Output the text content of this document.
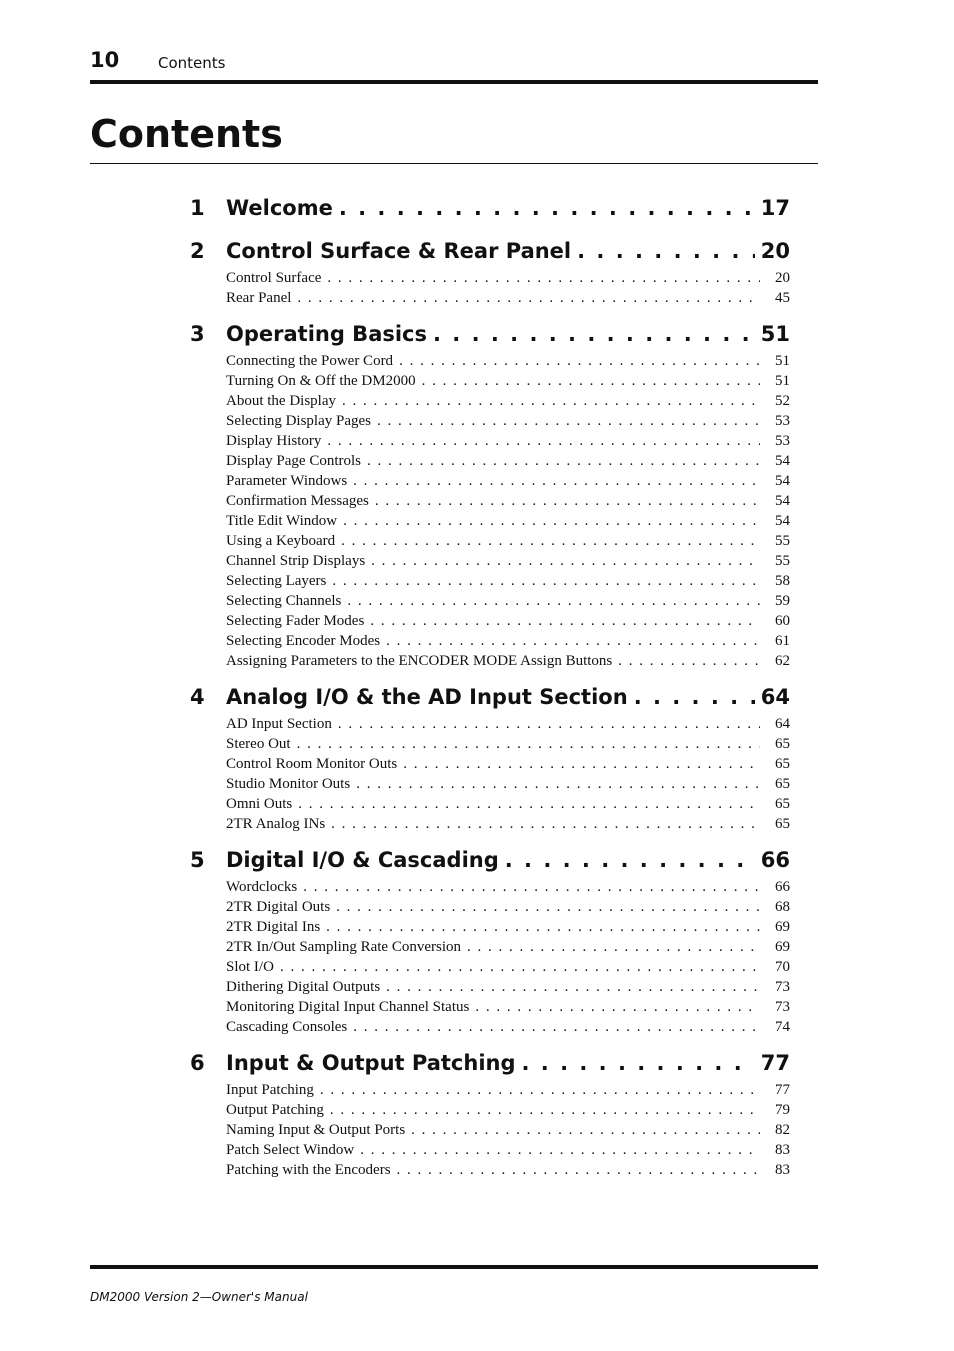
10	Contents
Contents
1	Welcome . . .	17
2	Control Surface & Rear Panel . . .	20
Control Surface . . .	20
Rear Panel . . .	45
3	Operating Basics . . .	51
Connecting the Power Cord . . .	51
Turning On & Off the DM2000 . . .	51
About the Display . . .	52
Selecting Display Pages . . .	53
Display History . . .	53
Display Page Controls . . .	54
Parameter Windows . . .	54
Confirmation Messages . . .	54
Title Edit Window . . .	54
Using a Keyboard . . .	55
Channel Strip Displays . . .	55
Selecting Layers . . .	58
Selecting Channels . . .	59
Selecting Fader Modes . . .	60
Selecting Encoder Modes . . .	61
Assigning Parameters to the ENCODER MODE Assign Buttons . . .	62
4	Analog I/O & the AD Input Section . . .	64
AD Input Section . . .	64
Stereo Out . . .	65
Control Room Monitor Outs . . .	65
Studio Monitor Outs . . .	65
Omni Outs . . .	65
2TR Analog INs . . .	65
5	Digital I/O & Cascading . . .	66
Wordclocks . . .	66
2TR Digital Outs . . .	68
2TR Digital Ins . . .	69
2TR In/Out Sampling Rate Conversion . . .	69
Slot I/O . . .	70
Dithering Digital Outputs . . .	73
Monitoring Digital Input Channel Status . . .	73
Cascading Consoles . . .	74
6	Input & Output Patching . . .	77
Input Patching . . .	77
Output Patching . . .	79
Naming Input & Output Ports . . .	82
Patch Select Window . . .	83
Patching with the Encoders . . .	83
DM2000 Version 2—Owner's Manual
